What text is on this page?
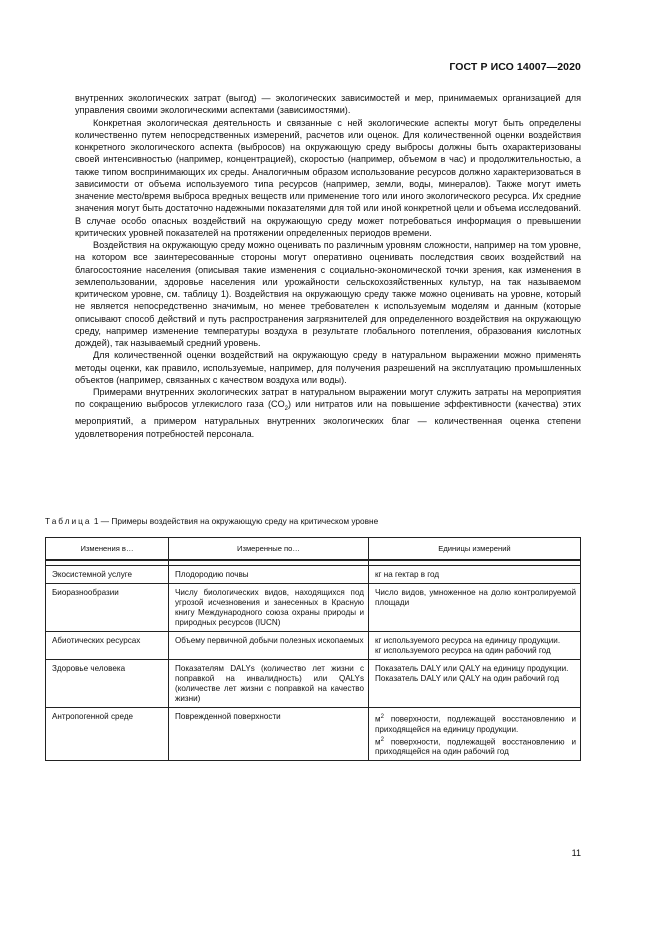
ГОСТ Р ИСО 14007—2020

внутренних экологических затрат (выгод) — экологических зависимостей и мер, принимаемых организацией для управления своими экологическими аспектами (зависимостями).

Конкретная экологическая деятельность и связанные с ней экологические аспекты могут быть определены количественно путем непосредственных измерений, расчетов или оценок. Для количественной оценки воздействия конкретного экологического аспекта (выбросов) на окружающую среду выбросы должны быть охарактеризованы своей интенсивностью (например, концентрацией), скоростью (например, объемом в час) и продолжительностью, а также типом воспринимающих их среды. Аналогичным образом использование ресурсов должно характеризоваться в зависимости от объема используемого типа ресурсов (например, земли, воды, минералов). Также могут иметь значение место/время выброса вредных веществ или применение того или иного экологического ресурса. Их средние значения могут быть достаточно надежными показателями для той или иной конкретной цели и объема исследований. В случае особо опасных воздействий на окружающую среду может потребоваться информация о превышении критических уровней показателей на протяжении определенных периодов времени.

Воздействия на окружающую среду можно оценивать по различным уровням сложности, например на том уровне, на котором все заинтересованные стороны могут оперативно оценивать последствия своих воздействий на благосостояние населения (описывая такие изменения с социально-экономической точки зрения, как изменения в землепользовании, здоровье населения или урожайности сельскохозяйственных культур, на так называемом критическом уровне, см. таблицу 1). Воздействия на окружающую среду также можно оценивать на уровне, который не является непосредственно значимым, но менее требователен к используемым моделям и данным (которые описывают способ действий и путь распространения загрязнителей для определенного воздействия на окружающую среду, например изменение температуры воздуха в результате глобального потепления, образования кислотных дождей), так называемый средний уровень.

Для количественной оценки воздействий на окружающую среду в натуральном выражении можно применять методы оценки, как правило, используемые, например, для получения разрешений на эксплуатацию промышленных объектов (например, связанных с качеством воздуха или воды).

Примерами внутренних экологических затрат в натуральном выражении могут служить затраты на мероприятия по сокращению выбросов углекислого газа $(CO_2)$ или нитратов или на повышение эффективности (качества) этих мероприятий, а примером натуральных внутренних экологических благ — количественная оценка степени удовлетворения потребностей персонала.

Таблица 1 — Примеры воздействия на окружающую среду на критическом уровне
Изменения в…	Измеренные по…	Единицы измерений

Экосистемной услуге	Плодородию почвы	кг на гектар в год
Биоразнообразии	Числу биологических видов, находящихся под угрозой исчезновения и занесенных в Красную книгу Международного союза охраны природы и природных ресурсов (IUCN)	Число видов, умноженное на долю контролируемой площади
Абиотических ресурсах	Объему первичной добычи полезных ископаемых	кг используемого ресурса на единицу продукции.
кг используемого ресурса на один рабочий год

Здоровье человека	Показателям DALYs (количество лет жизни с поправкой на инвалидность) или QALYs (количестве лет жизни с поправкой на качество жизни)	Показатель DALY или QALY на единицу продукции.
Показатель DALY или QALY на один рабочий год

Антропогенной среде	Поврежденной поверхности	$м^2$ поверхности, подлежащей восстановлению и приходящейся на единицу продукции.
$м^2$ поверхности, подлежащей восстановлению и приходящейся на один рабочий год
11
